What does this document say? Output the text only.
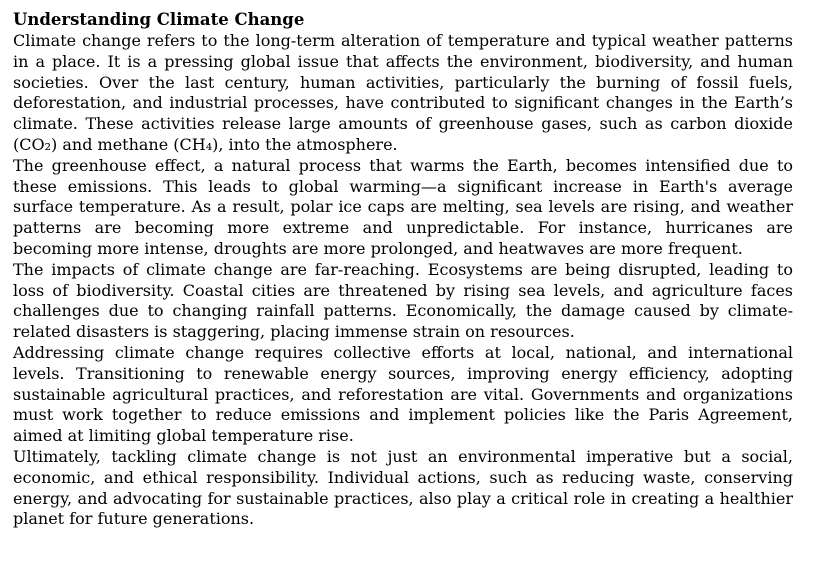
Understanding Climate Change

Climate change refers to the long-term alteration of temperature and typical weather patterns in a place. It is a pressing global issue that affects the environment, biodiversity, and human societies. Over the last century, human activities, particularly the burning of fossil fuels, deforestation, and industrial processes, have contributed to significant changes in the Earth’s climate. These activities release large amounts of greenhouse gases, such as carbon dioxide (CO₂) and methane (CH₄), into the atmosphere.

The greenhouse effect, a natural process that warms the Earth, becomes intensified due to these emissions. This leads to global warming—a significant increase in Earth's average surface temperature. As a result, polar ice caps are melting, sea levels are rising, and weather patterns are becoming more extreme and unpredictable. For instance, hurricanes are becoming more intense, droughts are more prolonged, and heatwaves are more frequent.

The impacts of climate change are far-reaching. Ecosystems are being disrupted, leading to loss of biodiversity. Coastal cities are threatened by rising sea levels, and agriculture faces challenges due to changing rainfall patterns. Economically, the damage caused by climate-related disasters is staggering, placing immense strain on resources.

Addressing climate change requires collective efforts at local, national, and international levels. Transitioning to renewable energy sources, improving energy efficiency, adopting sustainable agricultural practices, and reforestation are vital. Governments and organizations must work together to reduce emissions and implement policies like the Paris Agreement, aimed at limiting global temperature rise.

Ultimately, tackling climate change is not just an environmental imperative but a social, economic, and ethical responsibility. Individual actions, such as reducing waste, conserving energy, and advocating for sustainable practices, also play a critical role in creating a healthier planet for future generations.
